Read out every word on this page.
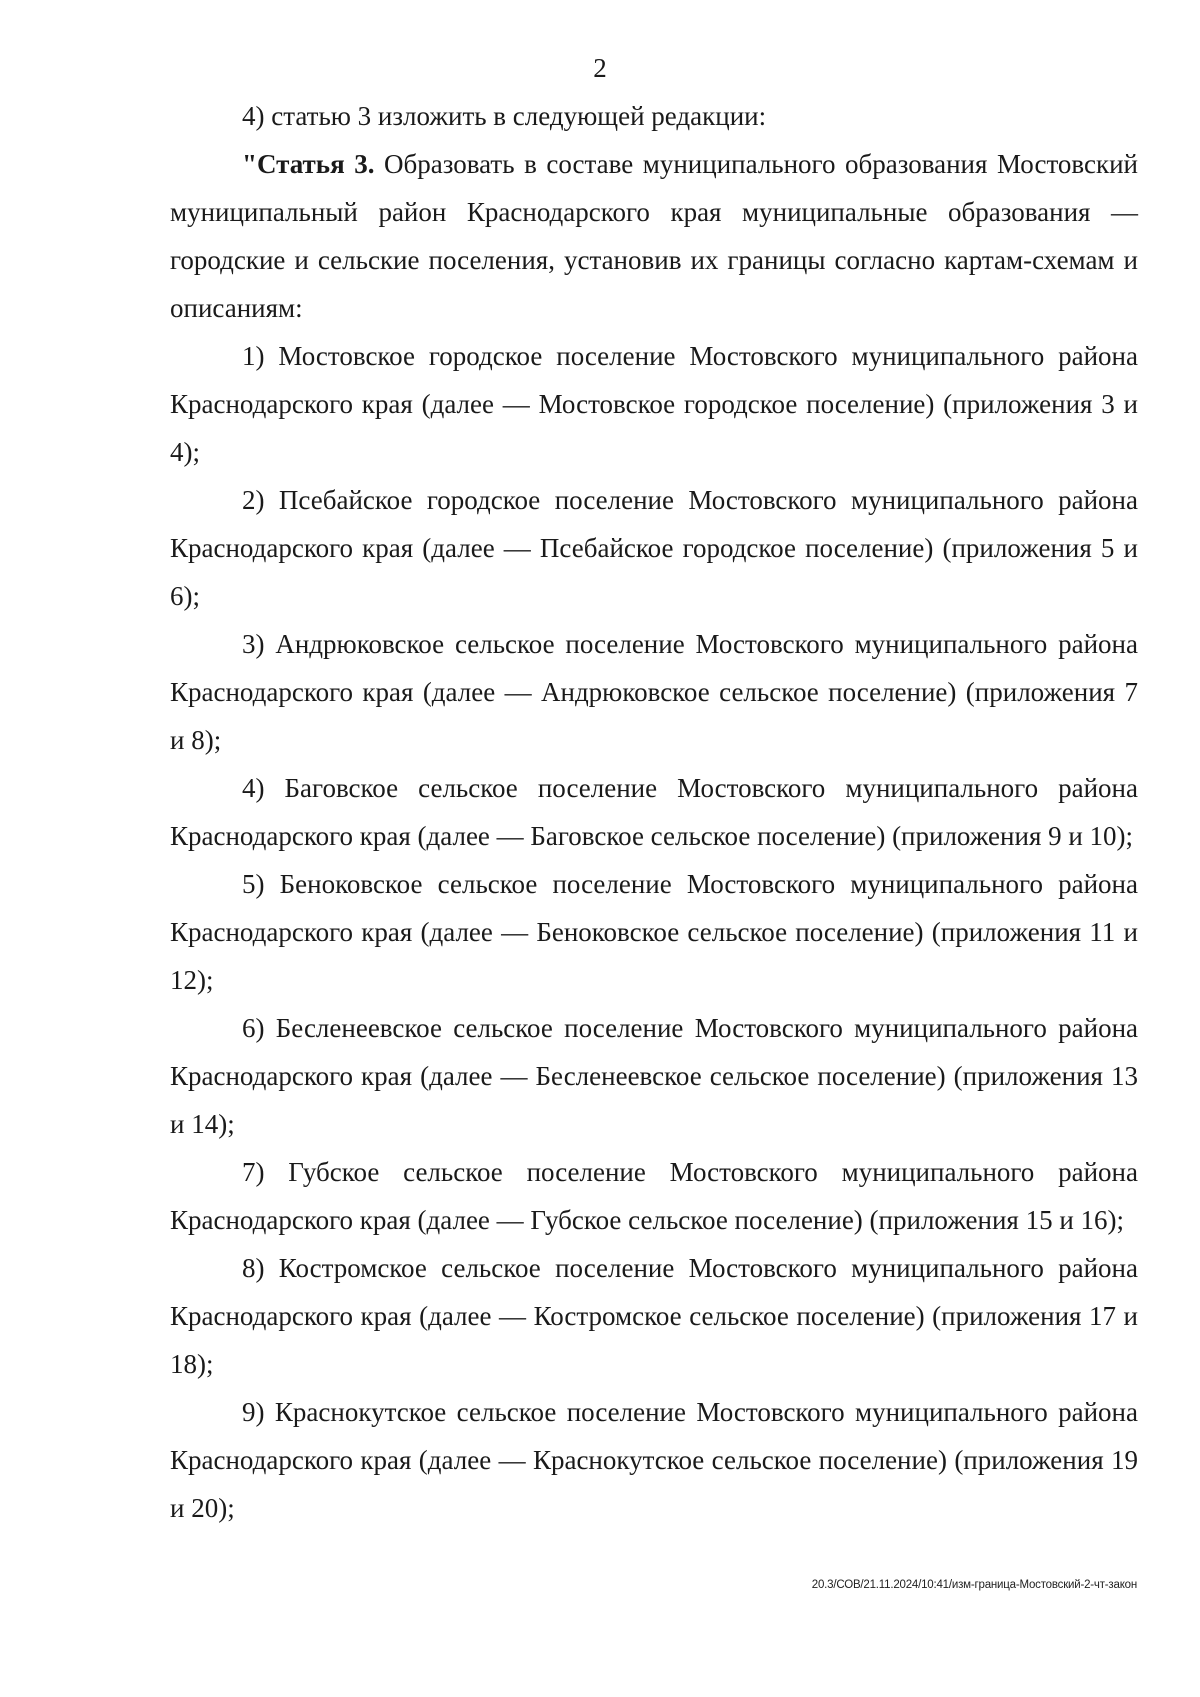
2

4) статью 3 изложить в следующей редакции:

"Статья 3. Образовать в составе муниципального образования Мостовский муниципальный район Краснодарского края муниципальные образования — городские и сельские поселения, установив их границы согласно картам-схемам и описаниям:

1) Мостовское городское поселение Мостовского муниципального района Краснодарского края (далее — Мостовское городское поселение) (приложения 3 и 4);

2) Псебайское городское поселение Мостовского муниципального района Краснодарского края (далее — Псебайское городское поселение) (приложения 5 и 6);

3) Андрюковское сельское поселение Мостовского муниципального района Краснодарского края (далее — Андрюковское сельское поселение) (приложения 7 и 8);

4) Баговское сельское поселение Мостовского муниципального района Краснодарского края (далее — Баговское сельское поселение) (приложения 9 и 10);

5) Беноковское сельское поселение Мостовского муниципального района Краснодарского края (далее — Беноковское сельское поселение) (приложения 11 и 12);

6) Бесленеевское сельское поселение Мостовского муниципального района Краснодарского края (далее — Бесленеевское сельское поселение) (приложения 13 и 14);

7) Губское сельское поселение Мостовского муниципального района Краснодарского края (далее — Губское сельское поселение) (приложения 15 и 16);

8) Костромское сельское поселение Мостовского муниципального района Краснодарского края (далее — Костромское сельское поселение) (приложения 17 и 18);

9) Краснокутское сельское поселение Мостовского муниципального района Краснодарского края (далее — Краснокутское сельское поселение) (приложения 19 и 20);

20.3/СОВ/21.11.2024/10:41/изм-граница-Мостовский-2-чт-закон
